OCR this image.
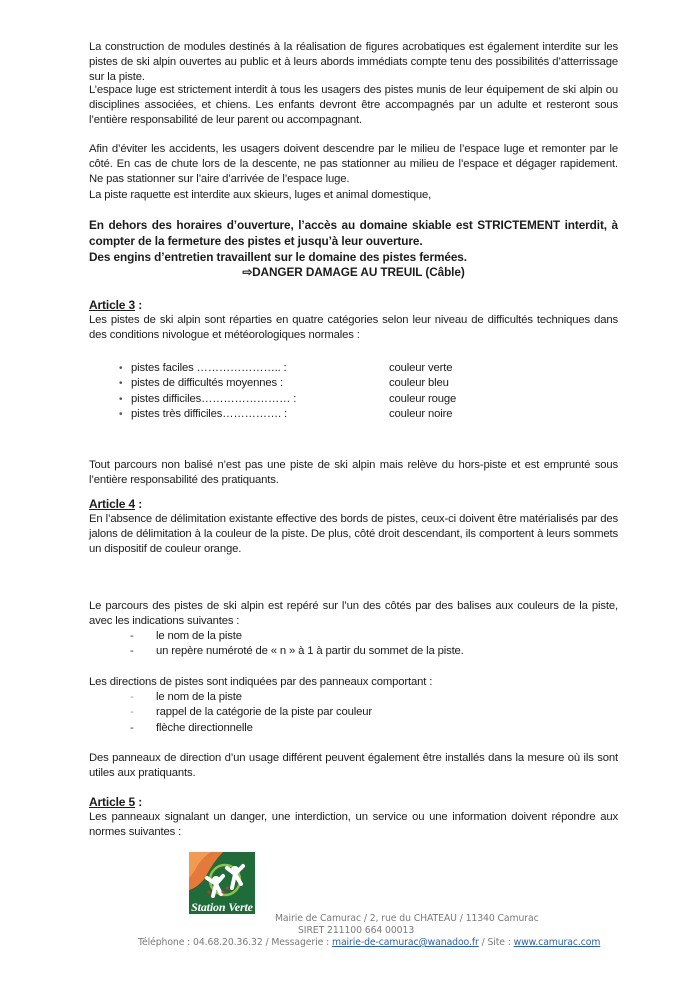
La construction de modules destinés à la réalisation de figures acrobatiques est également interdite sur les pistes de ski alpin ouvertes au public et à leurs abords immédiats compte tenu des possibilités d’atterrissage sur la piste.

L’espace luge est strictement interdit à tous les usagers des pistes munis de leur équipement de ski alpin ou disciplines associées, et chiens. Les enfants devront être accompagnés par un adulte et resteront sous l’entière responsabilité de leur parent ou accompagnant.

Afin d’éviter les accidents, les usagers doivent descendre par le milieu de l’espace luge et remonter par le côté. En cas de chute lors de la descente, ne pas stationner au milieu de l’espace et dégager rapidement. Ne pas stationner sur l’aire d’arrivée de l’espace luge.

La piste raquette est interdite aux skieurs, luges et animal domestique,

En dehors des horaires d’ouverture, l’accès au domaine skiable est STRICTEMENT interdit, à compter de la fermeture des pistes et jusqu’à leur ouverture.

Des engins d’entretien travaillent sur le domaine des pistes fermées.

⇨DANGER DAMAGE AU TREUIL (Câble)

Article 3 :

Les pistes de ski alpin sont réparties en quatre catégories selon leur niveau de difficultés techniques dans des conditions nivologue et météorologiques normales :

• pistes faciles ………………….. :	couleur verte
• pistes de difficultés moyennes :	couleur bleu
• pistes difficiles…………………… :	couleur rouge
• pistes très difficiles……………. :	couleur noire

Tout parcours non balisé n’est pas une piste de ski alpin mais relève du hors-piste et est emprunté sous l’entière responsabilité des pratiquants.

Article 4 :

En l’absence de délimitation existante effective des bords de pistes, ceux-ci doivent être matérialisés par des jalons de délimitation à la couleur de la piste. De plus, côté droit descendant, ils comportent à leurs sommets un dispositif de couleur orange.

Le parcours des pistes de ski alpin est repéré sur l’un des côtés par des balises aux couleurs de la piste, avec les indications suivantes :

- le nom de la piste
- un repère numéroté de « n » à 1 à partir du sommet de la piste.

Les directions de pistes sont indiquées par des panneaux comportant :

- le nom de la piste
- rappel de la catégorie de la piste par couleur
- flèche directionnelle

Des panneaux de direction d’un usage différent peuvent également être installés dans la mesure où ils sont utiles aux pratiquants.

Article 5 :

Les panneaux signalant un danger, une interdiction, un service ou une information doivent répondre aux normes suivantes :

Station Verte
Mairie de Camurac / 2, rue du CHATEAU / 11340 Camurac
SIRET 211100 664 00013
Téléphone : 04.68.20.36.32 / Messagerie : mairie-de-camurac@wanadoo.fr / Site : www.camurac.com
